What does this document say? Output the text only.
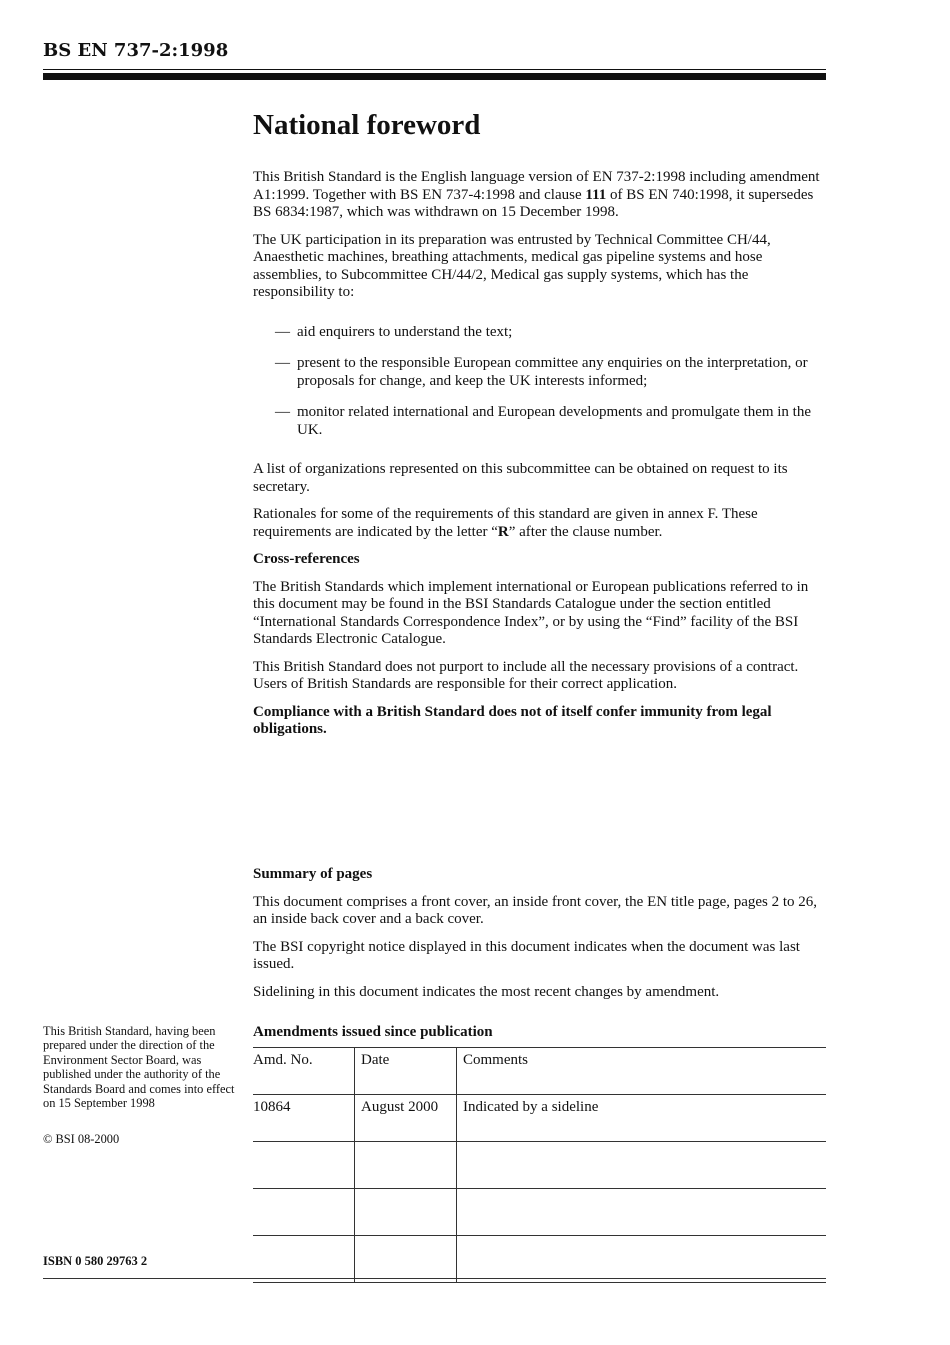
BS EN 737-2:1998
National foreword

This British Standard is the English language version of EN 737-2:1998 including amendment A1:1999. Together with BS EN 737-4:1998 and clause 111 of BS EN 740:1998, it supersedes BS 6834:1987, which was withdrawn on 15 December 1998.

The UK participation in its preparation was entrusted by Technical Committee CH/44, Anaesthetic machines, breathing attachments, medical gas pipeline systems and hose assemblies, to Subcommittee CH/44/2, Medical gas supply systems, which has the responsibility to:

— aid enquirers to understand the text;
— present to the responsible European committee any enquiries on the interpretation, or proposals for change, and keep the UK interests informed;
— monitor related international and European developments and promulgate them in the UK.

A list of organizations represented on this subcommittee can be obtained on request to its secretary.

Rationales for some of the requirements of this standard are given in annex F. These requirements are indicated by the letter “R” after the clause number.

Cross-references

The British Standards which implement international or European publications referred to in this document may be found in the BSI Standards Catalogue under the section entitled “International Standards Correspondence Index”, or by using the “Find” facility of the BSI Standards Electronic Catalogue.

This British Standard does not purport to include all the necessary provisions of a contract. Users of British Standards are responsible for their correct application.

Compliance with a British Standard does not of itself confer immunity from legal obligations.

Summary of pages

This document comprises a front cover, an inside front cover, the EN title page, pages 2 to 26, an inside back cover and a back cover.

The BSI copyright notice displayed in this document indicates when the document was last issued.

Sidelining in this document indicates the most recent changes by amendment.

Amendments issued since publication
Amd. No.	Date	Comments
10864	August 2000	Indicated by a sideline

This British Standard, having been prepared under the direction of the Environment Sector Board, was published under the authority of the Standards Board and comes into effect on 15 September 1998

© BSI 08-2000

ISBN 0 580 29763 2
